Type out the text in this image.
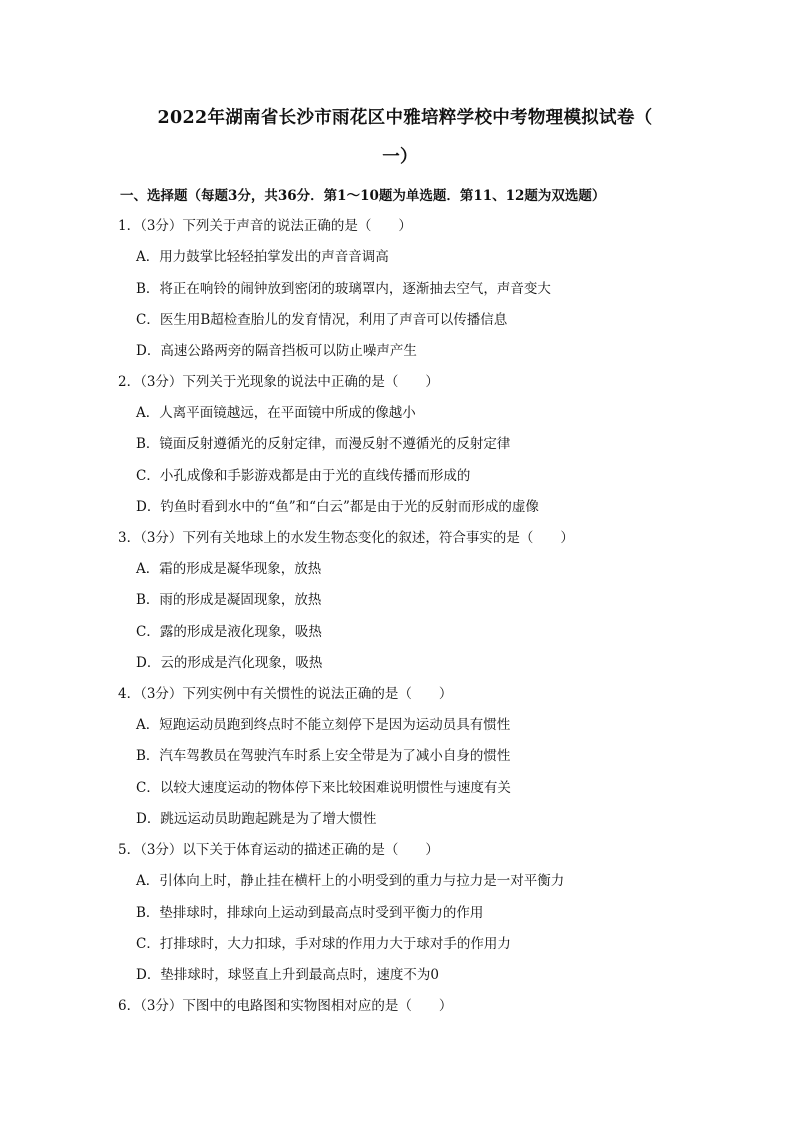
2022年湖南省长沙市雨花区中雅培粹学校中考物理模拟试卷（
一）
一、选择题（每题3分，共36分．第1～10题为单选题．第11、12题为双选题）
1．（3分）下列关于声音的说法正确的是（　　）
A．用力鼓掌比轻轻拍掌发出的声音音调高
B．将正在响铃的闹钟放到密闭的玻璃罩内，逐渐抽去空气，声音变大
C．医生用B超检查胎儿的发育情况，利用了声音可以传播信息
D．高速公路两旁的隔音挡板可以防止噪声产生
2．（3分）下列关于光现象的说法中正确的是（　　）
A．人离平面镜越远，在平面镜中所成的像越小
B．镜面反射遵循光的反射定律，而漫反射不遵循光的反射定律
C．小孔成像和手影游戏都是由于光的直线传播而形成的
D．钓鱼时看到水中的“鱼”和“白云”都是由于光的反射而形成的虚像
3．（3分）下列有关地球上的水发生物态变化的叙述，符合事实的是（　　）
A．霜的形成是凝华现象，放热
B．雨的形成是凝固现象，放热
C．露的形成是液化现象，吸热
D．云的形成是汽化现象，吸热
4．（3分）下列实例中有关惯性的说法正确的是（　　）
A．短跑运动员跑到终点时不能立刻停下是因为运动员具有惯性
B．汽车驾教员在驾驶汽车时系上安全带是为了减小自身的惯性
C．以较大速度运动的物体停下来比较困难说明惯性与速度有关
D．跳远运动员助跑起跳是为了增大惯性
5．（3分）以下关于体育运动的描述正确的是（　　）
A．引体向上时，静止挂在横杆上的小明受到的重力与拉力是一对平衡力
B．垫排球时，排球向上运动到最高点时受到平衡力的作用
C．打排球时，大力扣球，手对球的作用力大于球对手的作用力
D．垫排球时，球竖直上升到最高点时，速度不为0
6．（3分）下图中的电路图和实物图相对应的是（　　）
